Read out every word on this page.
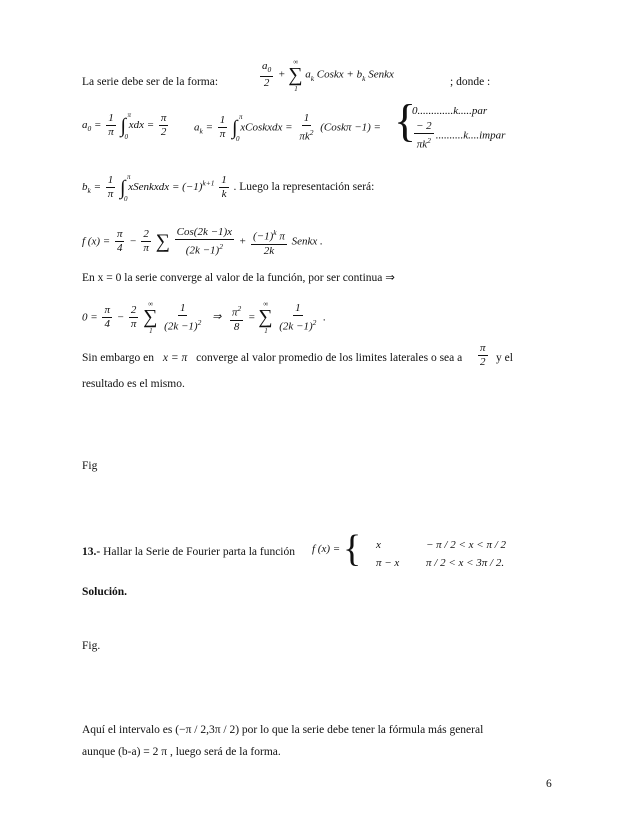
La serie debe ser de la forma:	$\frac{a_0}{2}$ +
∞
∑
1
$a_k$ Coskx + $b_k$ Senkx
; donde :
$a_0 = \frac{1}{\pi}$
π
∫
0
xdx = $\frac{\pi}{2} a_k = \frac{1}{\pi}$
π
∫
0
xCoskxdx = $\frac{1}{\pi k^2}$ (Coskπ −1) = {
0.............k.....par
$\frac{- 2}{\pi k^2}$ ..........k....impar
$b_k = \frac{1}{\pi}$
π
∫
0
xSenkxdx = $(-1)^{k+1} \frac{1}{k}$ . Luego la representación será:
f $(x) = \frac{\pi}{4} - \frac{2}{\pi}$ ∑ $\frac{\text{Cos(2k −1)x}}{(2k -1)^2} + \frac{(-1)^k \pi}{2k}$ Senkx .
En x = 0 la serie converge al valor de la función, por ser continua ⇒
$0 = \frac{\pi}{4} - \frac{2}{\pi}$
∞
∑
1
$\frac{1}{(2k -1)^2}$ ⇒ $\frac{\pi^2}{8}$ =
∞
∑
1
$\frac{1}{(2k -1)^2}$ .
Sin embargo en x = π converge al valor promedio de los limites laterales o sea a $\frac{\pi}{2}$ y el
resultado es el mismo.
Fig
13.- Hallar la Serie de Fourier parta la función f (x) = { x	− π / 2 < x < π / 2
π − x π / 2 < x < 3π / 2.
Solución.
Fig.
Aquí el intervalo es (−π / 2,3π / 2) por lo que la serie debe tener la fórmula más general
aunque (b-a) = 2 π , luego será de la forma.
6
